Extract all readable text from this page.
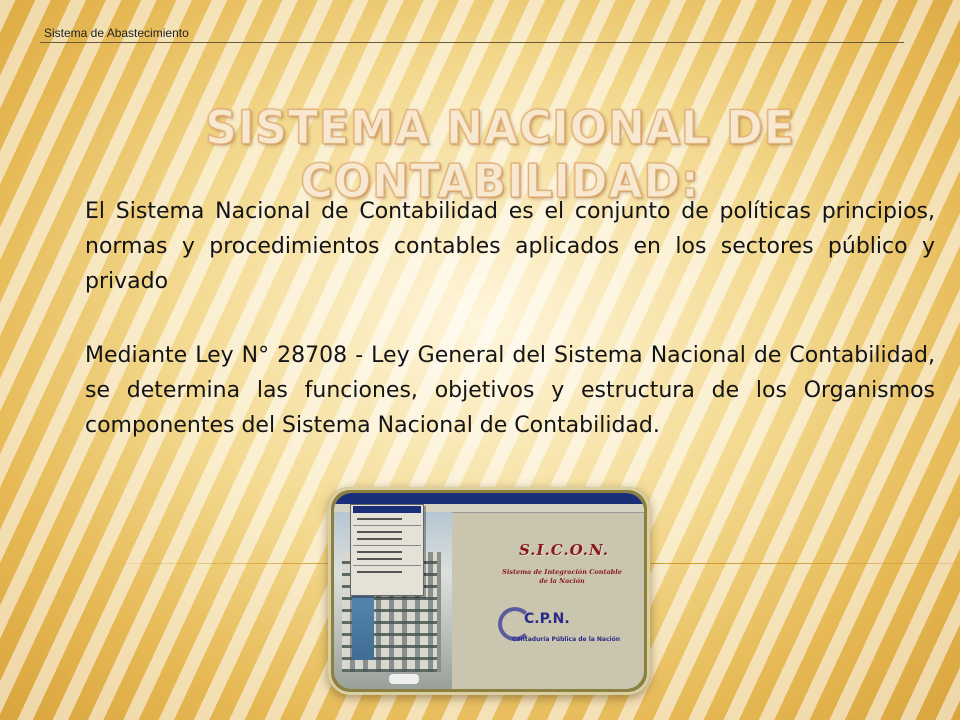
Sistema de Abastecimiento
SISTEMA NACIONAL DE CONTABILIDAD:
El Sistema Nacional de Contabilidad es el conjunto de políticas principios, normas y procedimientos contables aplicados en los sectores público y privado
Mediante Ley N° 28708 - Ley General del Sistema Nacional de Contabilidad, se determina las funciones, objetivos y estructura de los Organismos componentes del Sistema Nacional de Contabilidad.
S.I.C.O.N.
Sistema de Integración Contable
de la Nación
C.P.N.
Contaduría Pública de la Nación
